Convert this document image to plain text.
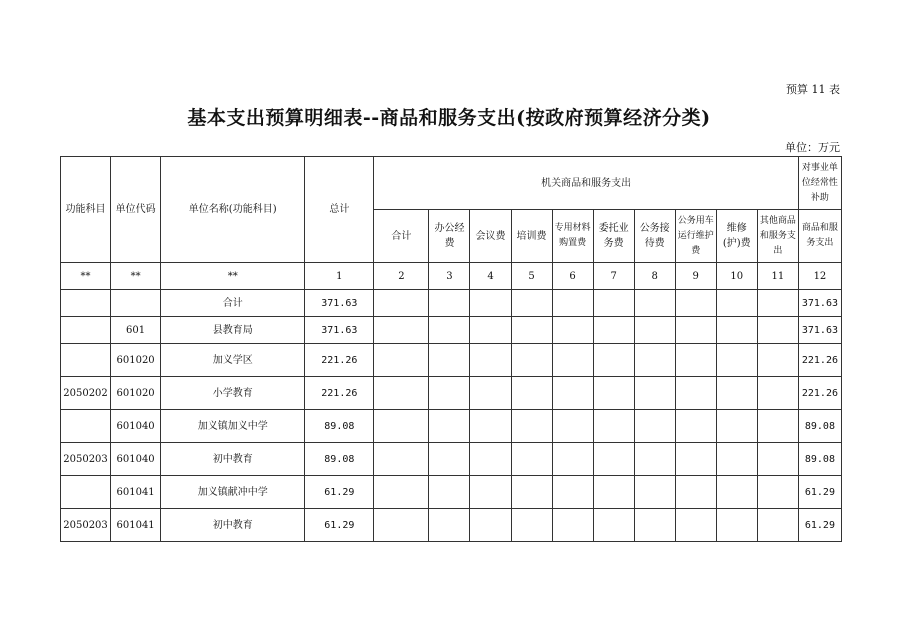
预算 11 表
基本支出预算明细表--商品和服务支出(按政府预算经济分类)
单位：万元
功能科目	单位代码	单位名称(功能科目)	总计	机关商品和服务支出										对事业单位经常性补助
				合计	办公经费	会议费	培训费	专用材料购置费	委托业务费	公务接待费	公务用车运行维护费	维修(护)费	其他商品和服务支出	商品和服务支出
**	**	**	1	2	3	4	5	6	7	8	9	10	11	12
		合计	371.63											371.63
	601	县教育局	371.63											371.63
	601020	加义学区	221.26											221.26
2050202	601020	小学教育	221.26											221.26
	601040	加义镇加义中学	89.08											89.08
2050203	601040	初中教育	89.08											89.08
	601041	加义镇献冲中学	61.29											61.29
2050203	601041	初中教育	61.29											61.29
